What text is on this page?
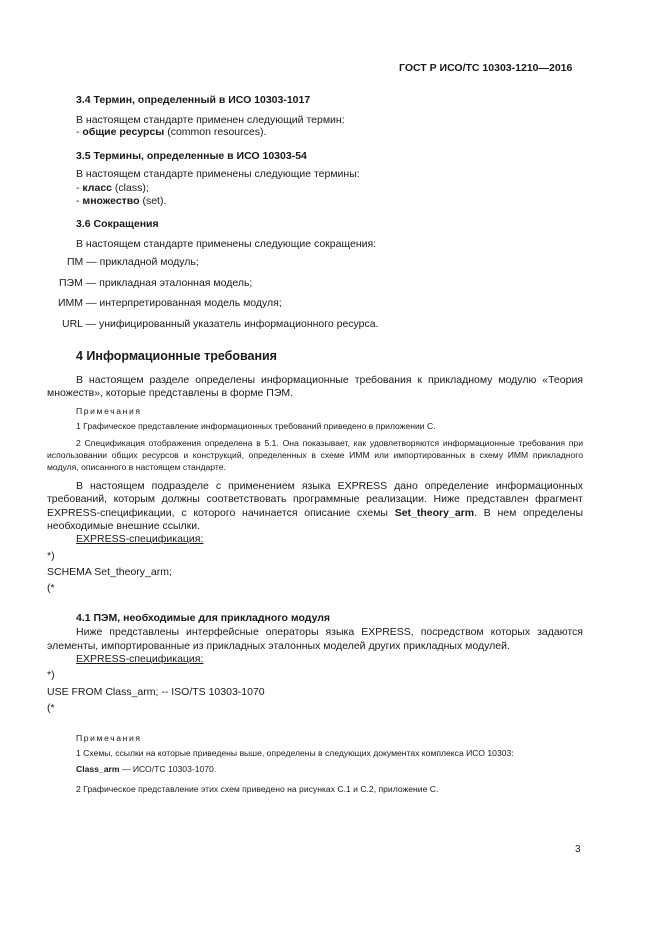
ГОСТ Р ИСО/ТС 10303-1210—2016
3.4 Термин, определенный в ИСО 10303-1017
В настоящем стандарте применен следующий термин:
- общие ресурсы (common resources).
3.5 Термины, определенные в ИСО 10303-54
В настоящем стандарте применены следующие термины:
- класс (class);
- множество (set).
3.6 Сокращения
В настоящем стандарте применены следующие сокращения:
ПМ — прикладной модуль;
ПЭМ — прикладная эталонная модель;
ИММ — интерпретированная модель модуля;
URL — унифицированный указатель информационного ресурса.
4 Информационные требования
В настоящем разделе определены информационные требования к прикладному модулю «Теория множеств», которые представлены в форме ПЭМ.
Примечания
1 Графическое представление информационных требований приведено в приложении С.
2 Спецификация отображения определена в 5.1. Она показывает, как удовлетворяются информационные требования при использовании общих ресурсов и конструкций, определенных в схеме ИММ или импортированных в схему ИММ прикладного модуля, описанного в настоящем стандарте.
В настоящем подразделе с применением языка EXPRESS дано определение информационных требований, которым должны соответствовать программные реализации. Ниже представлен фрагмент EXPRESS-спецификации, с которого начинается описание схемы Set_theory_arm. В нем определены необходимые внешние ссылки.
EXPRESS-спецификация:
*)
SCHEMA Set_theory_arm;
(*
4.1 ПЭМ, необходимые для прикладного модуля
Ниже представлены интерфейсные операторы языка EXPRESS, посредством которых задаются элементы, импортированные из прикладных эталонных моделей других прикладных модулей.
EXPRESS-спецификация:
*)
USE FROM Class_arm; -- ISO/TS 10303-1070
(*
Примечания
1 Схемы, ссылки на которые приведены выше, определены в следующих документах комплекса ИСО 10303:
Class_arm — ИСО/ТС 10303-1070.
2 Графическое представление этих схем приведено на рисунках С.1 и С.2, приложение С.
3
